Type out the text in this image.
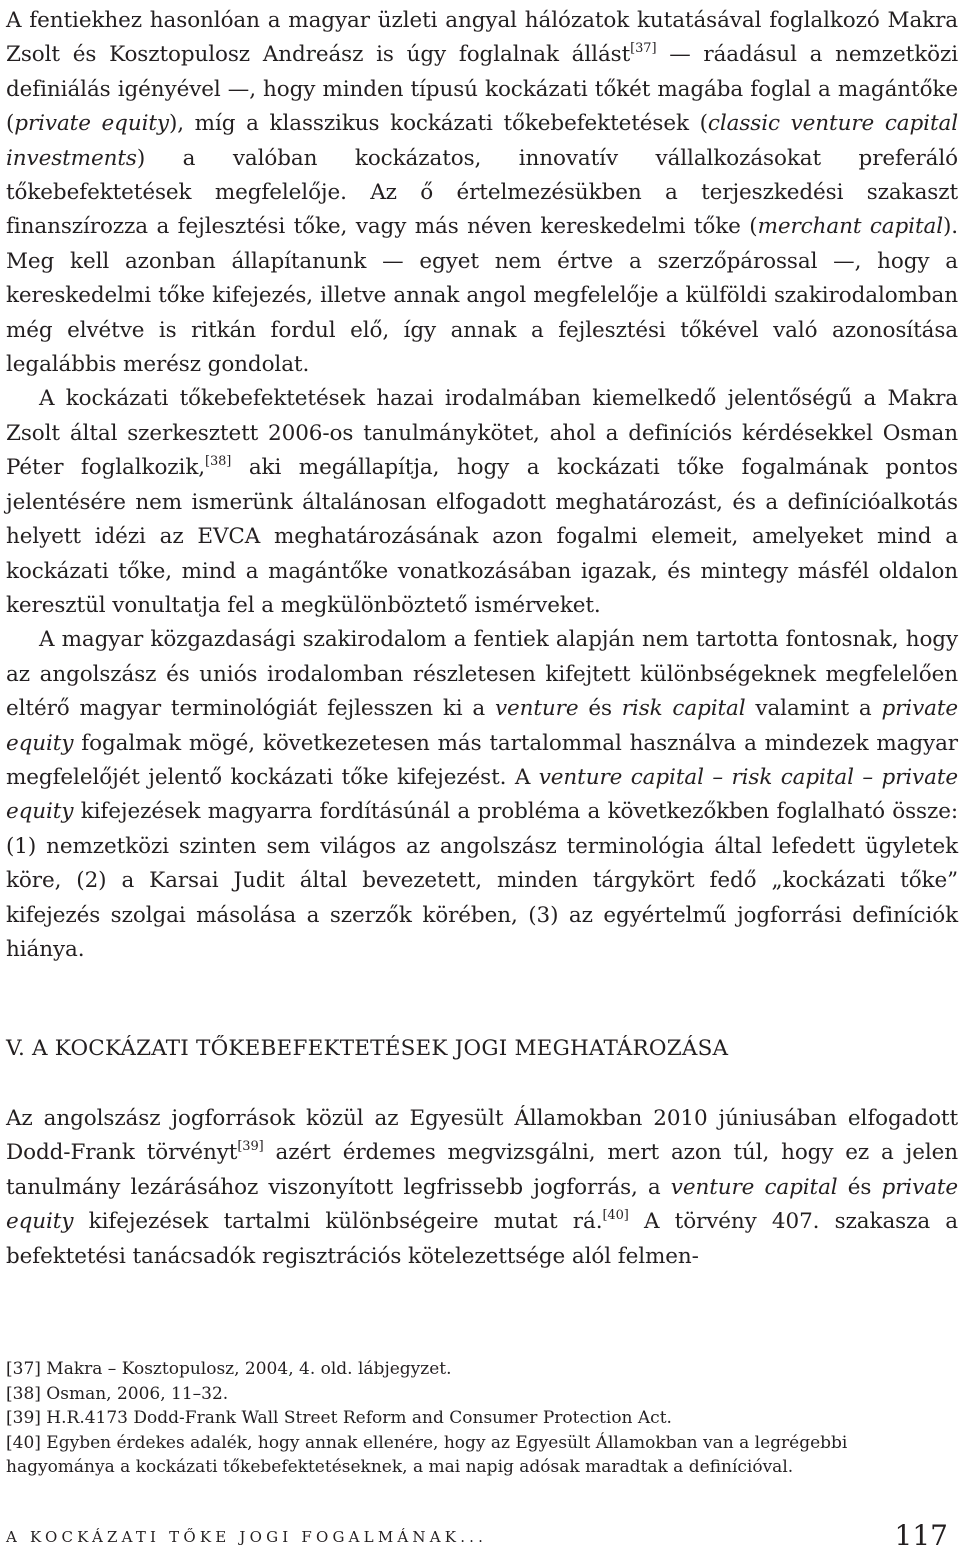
A fentiekhez hasonlóan a magyar üzleti angyal hálózatok kutatásával foglalkozó Makra Zsolt és Kosztopulosz Andreász is úgy foglalnak állást[37] — ráadásul a nemzetközi definiálás igényével —, hogy minden típusú kockázati tőkét magába foglal a magántőke (private equity), míg a klasszikus kockázati tőkebefektetések (classic venture capital investments) a valóban kockázatos, innovatív vállalkozásokat preferáló tőkebefektetések megfelelője. Az ő értelmezésükben a terjeszkedési szakaszt finanszírozza a fejlesztési tőke, vagy más néven kereskedelmi tőke (merchant capital). Meg kell azonban állapítanunk — egyet nem értve a szerzőpárossal —, hogy a kereskedelmi tőke kifejezés, illetve annak angol megfelelője a külföldi szakirodalomban még elvétve is ritkán fordul elő, így annak a fejlesztési tőkével való azonosítása legalábbis merész gondolat.

A kockázati tőkebefektetések hazai irodalmában kiemelkedő jelentőségű a Makra Zsolt által szerkesztett 2006-os tanulmánykötet, ahol a definíciós kérdésekkel Osman Péter foglalkozik,[38] aki megállapítja, hogy a kockázati tőke fogalmának pontos jelentésére nem ismerünk általánosan elfogadott meghatározást, és a definícióalkotás helyett idézi az EVCA meghatározásának azon fogalmi elemeit, amelyeket mind a kockázati tőke, mind a magántőke vonatkozásában igazak, és mintegy másfél oldalon keresztül vonultatja fel a megkülönböztető ismérveket.

A magyar közgazdasági szakirodalom a fentiek alapján nem tartotta fontosnak, hogy az angolszász és uniós irodalomban részletesen kifejtett különbségeknek megfelelően eltérő magyar terminológiát fejlesszen ki a venture és risk capital valamint a private equity fogalmak mögé, következetesen más tartalommal használva a mindezek magyar megfelelőjét jelentő kockázati tőke kifejezést. A venture capital – risk capital – private equity kifejezések magyarra fordításúnál a probléma a következőkben foglalható össze: (1) nemzetközi szinten sem világos az angolszász terminológia által lefedett ügyletek köre, (2) a Karsai Judit által bevezetett, minden tárgykört fedő „kockázati tőke” kifejezés szolgai másolása a szerzők körében, (3) az egyértelmű jogforrási definíciók hiánya.

V. A KOCKÁZATI TŐKEBEFEKTETÉSEK JOGI MEGHATÁROZÁSA

Az angolszász jogforrások közül az Egyesült Államokban 2010 júniusában elfogadott Dodd-Frank törvényt[39] azért érdemes megvizsgálni, mert azon túl, hogy ez a jelen tanulmány lezárásához viszonyított legfrissebb jogforrás, a venture capital és private equity kifejezések tartalmi különbségeire mutat rá.[40] A törvény 407. szakasza a befektetési tanácsadók regisztrációs kötelezettsége alól felmen-

[37] Makra – Kosztopulosz, 2004, 4. old. lábjegyzet.

[38] Osman, 2006, 11–32.

[39] H.R.4173 Dodd-Frank Wall Street Reform and Consumer Protection Act.

[40] Egyben érdekes adalék, hogy annak ellenére, hogy az Egyesült Államokban van a legrégebbi hagyománya a kockázati tőkebefektetéseknek, a mai napig adósak maradtak a definícióval.

A KOCKÁZATI TŐKE JOGI FOGALMÁNAK...	117
